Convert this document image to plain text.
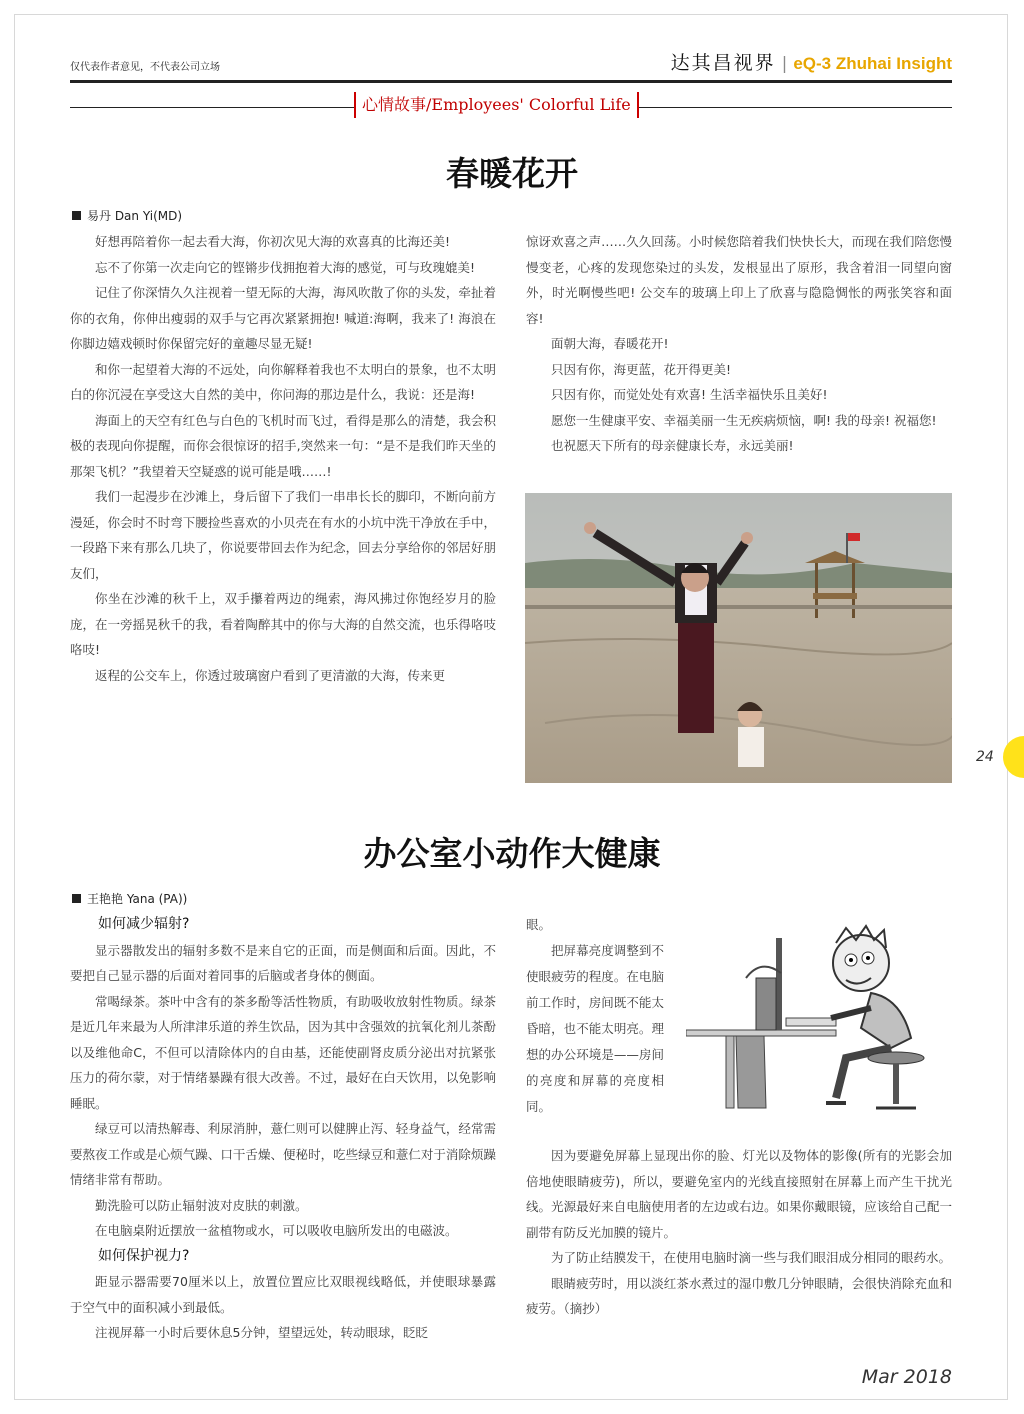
仅代表作者意见，不代表公司立场	达其昌视界 | eQ-3 Zhuhai Insight
心情故事/Employees' Colorful Life
春暖花开
易丹 Dan Yi(MD)

好想再陪着你一起去看大海，你初次见大海的欢喜真的比海还美!

忘不了你第一次走向它的铿锵步伐拥抱着大海的感觉，可与玫瑰媲美!

记住了你深情久久注视着一望无际的大海，海风吹散了你的头发，牵扯着你的衣角，你伸出瘦弱的双手与它再次紧紧拥抱! 喊道:海啊，我来了! 海浪在你脚边嬉戏顿时你保留完好的童趣尽显无疑!

和你一起望着大海的不远处，向你解释着我也不太明白的景象，也不太明白的你沉浸在享受这大自然的美中，你问海的那边是什么，我说：还是海!

海面上的天空有红色与白色的飞机时而飞过，看得是那么的清楚，我会积极的表现向你提醒，而你会很惊讶的招手,突然来一句：“是不是我们昨天坐的那架飞机？”我望着天空疑惑的说可能是哦……!

我们一起漫步在沙滩上，身后留下了我们一串串长长的脚印，不断向前方漫延，你会时不时弯下腰捡些喜欢的小贝壳在有水的小坑中洗干净放在手中，一段路下来有那么几块了，你说要带回去作为纪念，回去分享给你的邻居好朋友们，

你坐在沙滩的秋千上，双手攥着两边的绳索，海风拂过你饱经岁月的脸庞，在一旁摇晃秋千的我，看着陶醉其中的你与大海的自然交流，也乐得咯吱咯吱!

返程的公交车上，你透过玻璃窗户看到了更清澈的大海，传来更

惊讶欢喜之声……久久回荡。小时候您陪着我们快快长大，而现在我们陪您慢慢变老，心疼的发现您染过的头发，发根显出了原形，我含着泪一同望向窗外，时光啊慢些吧! 公交车的玻璃上印上了欣喜与隐隐惆怅的两张笑容和面容!

面朝大海，春暖花开!

只因有你，海更蓝，花开得更美!

只因有你，而觉处处有欢喜! 生活幸福快乐且美好!

愿您一生健康平安、幸福美丽一生无疾病烦恼，啊! 我的母亲! 祝福您!

也祝愿天下所有的母亲健康长寿，永远美丽!

办公室小动作大健康
王艳艳 Yana (PA))
如何减少辐射?

显示器散发出的辐射多数不是来自它的正面，而是侧面和后面。因此，不要把自己显示器的后面对着同事的后脑或者身体的侧面。

常喝绿茶。茶叶中含有的茶多酚等活性物质，有助吸收放射性物质。绿茶是近几年来最为人所津津乐道的养生饮品，因为其中含强效的抗氧化剂儿茶酚以及维他命C，不但可以清除体内的自由基，还能使副肾皮质分泌出对抗紧张压力的荷尔蒙，对于情绪暴躁有很大改善。不过，最好在白天饮用，以免影响睡眠。

绿豆可以清热解毒、利尿消肿，薏仁则可以健脾止泻、轻身益气，经常需要熬夜工作或是心烦气躁、口干舌燥、便秘时，吃些绿豆和薏仁对于消除烦躁情绪非常有帮助。

勤洗脸可以防止辐射波对皮肤的刺激。

在电脑桌附近摆放一盆植物或水，可以吸收电脑所发出的电磁波。

如何保护视力?

距显示器需要70厘米以上，放置位置应比双眼视线略低，并使眼球暴露于空气中的面积减小到最低。

注视屏幕一小时后要休息5分钟，望望远处，转动眼球，眨眨

眼。

把屏幕亮度调整到不使眼疲劳的程度。在电脑前工作时，房间既不能太昏暗，也不能太明亮。理想的办公环境是——房间的亮度和屏幕的亮度相同。

因为要避免屏幕上显现出你的脸、灯光以及物体的影像(所有的光影会加倍地使眼睛疲劳)，所以，要避免室内的光线直接照射在屏幕上而产生干扰光线。光源最好来自电脑使用者的左边或右边。如果你戴眼镜，应该给自己配一副带有防反光加膜的镜片。

为了防止结膜发干，在使用电脑时滴一些与我们眼泪成分相同的眼药水。

眼睛疲劳时，用以淡红茶水煮过的湿巾敷几分钟眼睛，会很快消除充血和疲劳。（摘抄）

24
Mar 2018
